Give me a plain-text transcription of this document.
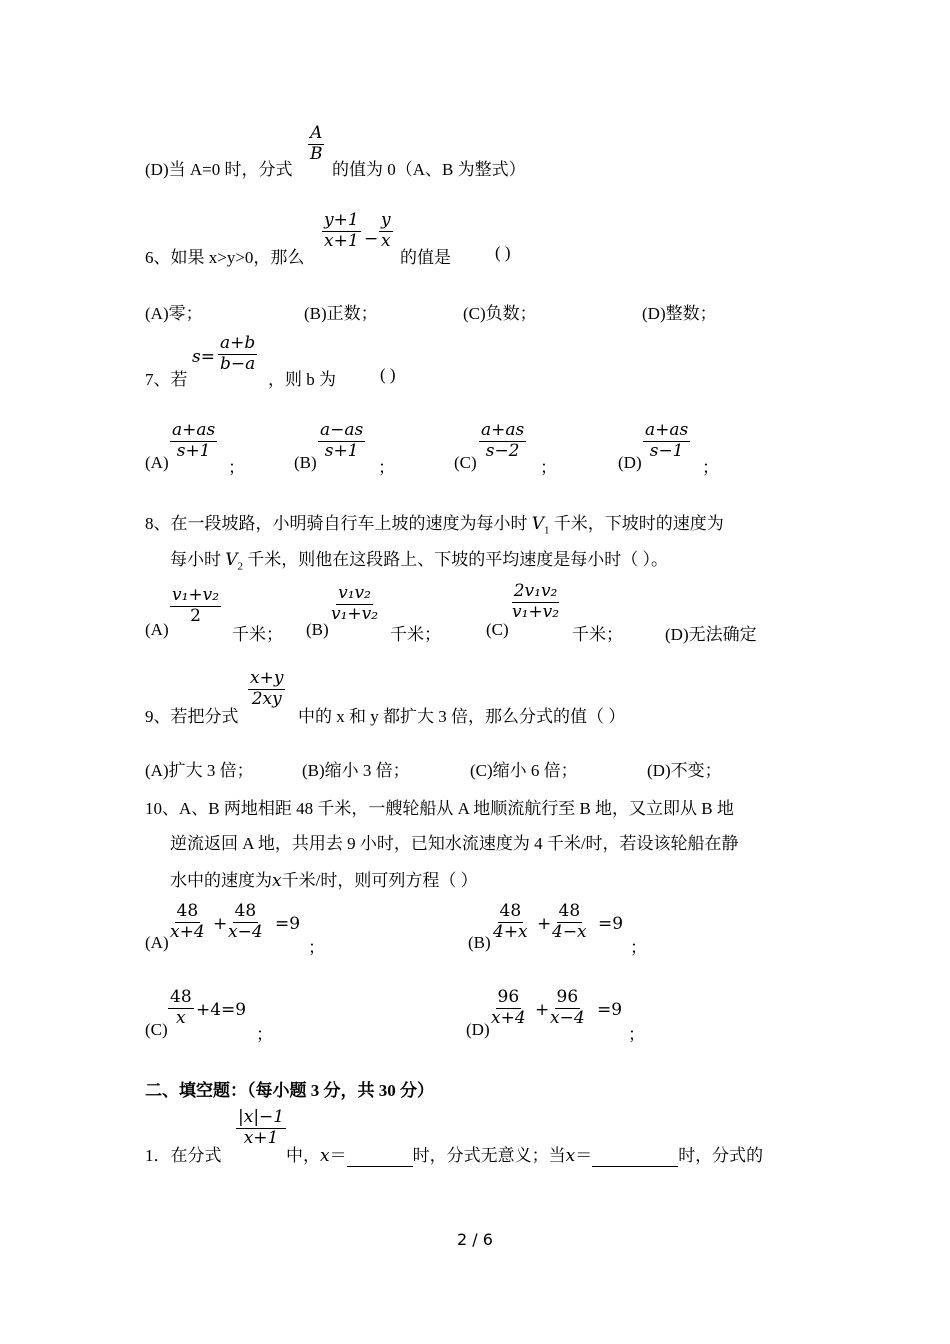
$\frac{A}{B}$
(D)当 A=0 时，分式 的值为 0（A、B 为整式）
6、如果 x>y>0，那么
$\frac{y+1}{x+1} - \frac{y}{x}$
的值是	( )
(A)零；	(B)正数；	(C)负数；	(D)整数；
7、若
$s= \frac{a+b}{b-a}$
，则 b 为	( )
(A)
$\frac{a+as}{s+1}$
；	(B)
$\frac{a-as}{s+1}$
；	(C)
$\frac{a+as}{s-2}$
；	(D)
$\frac{a+as}{s-1}$
；
8、在一段坡路，小明骑自行车上坡的速度为每小时 $V_1$ 千米，下坡时的速度为
每小时 $V_2$ 千米，则他在这段路上、下坡的平均速度是每小时（ ）。
(A)
$\frac{\text{v₁+v₂}}{2}$
千米； (B)
$\frac{\text{v₁v₂}}{\text{v₁+v₂}}$
千米；	(C)
$\frac{\text{2v₁v₂}}{\text{v₁+v₂}}$
千米； (D)无法确定
9、若把分式
$\frac{x+y}{2xy}$
中的 x 和 y 都扩大 3 倍，那么分式的值（ ）
(A)扩大 3 倍；	(B)缩小 3 倍；	(C)缩小 6 倍；	(D)不变；
10、A、B 两地相距 48 千米，一艘轮船从 A 地顺流航行至 B 地，又立即从 B 地
逆流返回 A 地，共用去 9 小时，已知水流速度为 4 千米/时，若设该轮船在静
水中的速度为x千米/时，则可列方程（ ）
(A)
$\frac{48}{x+4}$ +
$\frac{48}{x-4} =9$
；	(B)
$\frac{48}{4+x}$ +
$\frac{48}{4-x} =9$
；
(C)
$\frac{48}{x} +4=9$
；	(D)
$\frac{96}{x+4}$ +
$\frac{96}{x-4} =9$
；
二、填空题：（每小题 3 分，共 30 分）
1．在分式
$\frac{|x|-1}{x+1}$
中，x＝	时，分式无意义；当x＝	时，分式的
2 / 6
